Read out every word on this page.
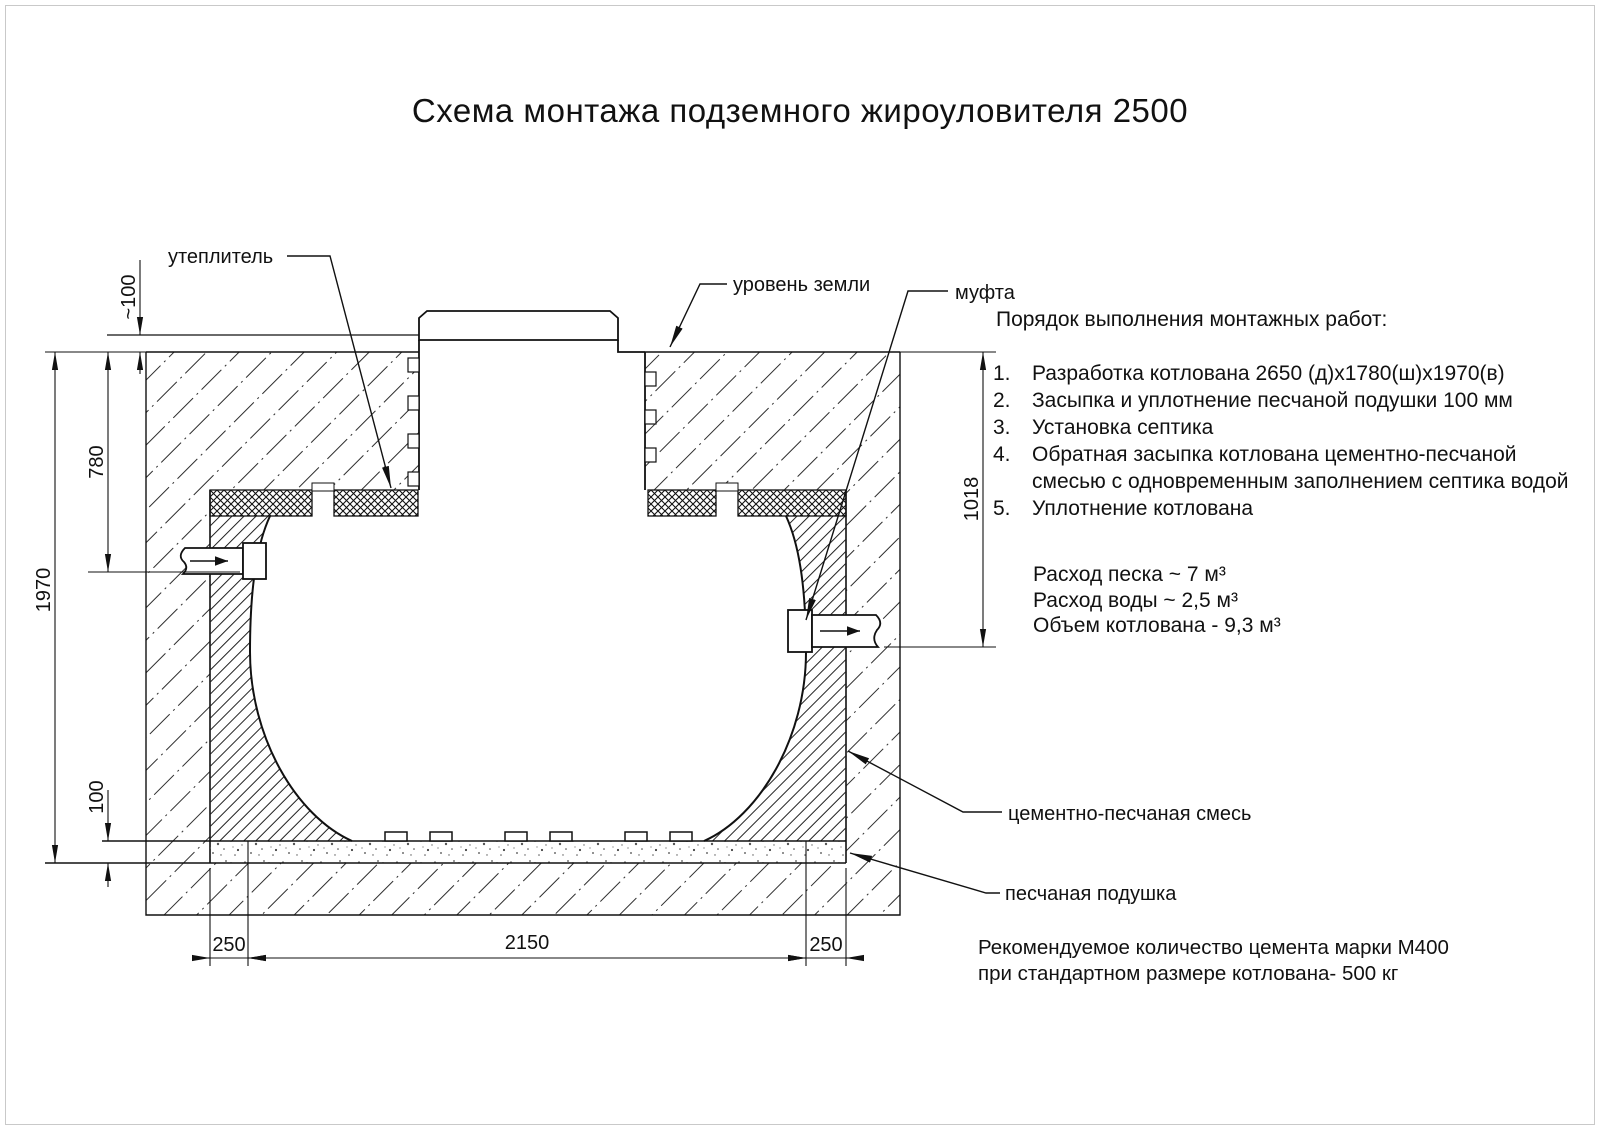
Схема монтажа подземного жироуловителя 2500
~100
780
1970
100
1018
250	2150	250
утеплитель
уровень земли	муфта
цементно-песчаная смесь
песчаная подушка
Порядок выполнения монтажных работ:
1. Разработка котлована 2650 (д)х1780(ш)х1970(в)
2. Засыпка и уплотнение песчаной подушки 100 мм
3. Установка септика
4. Обратная засыпка котлована цементно-песчаной
смесью с одновременным заполнением септика водой
5. Уплотнение котлована
Расход песка ~ 7 м³
Расход воды ~ 2,5 м³
Объем котлована - 9,3 м³
Рекомендуемое количество цемента марки М400
при стандартном размере котлована- 500 кг
